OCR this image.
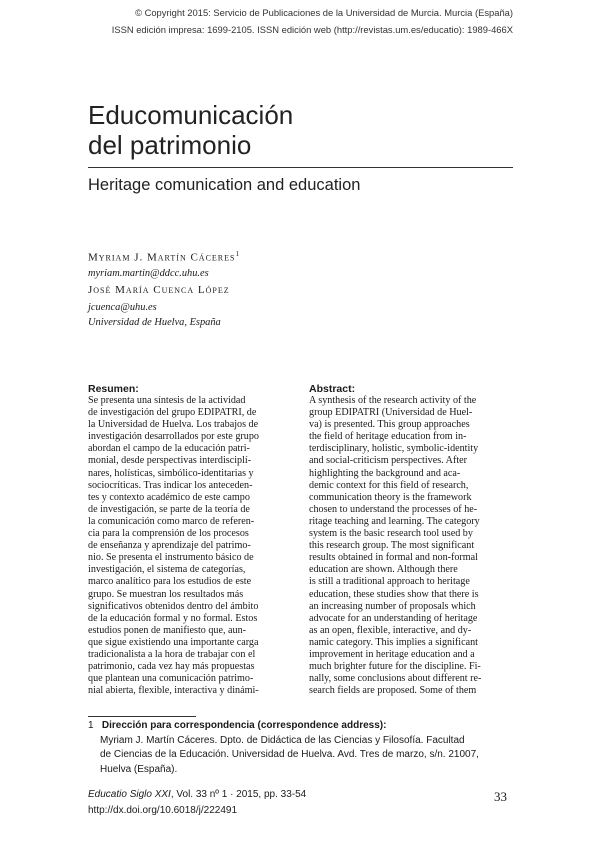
© Copyright 2015: Servicio de Publicaciones de la Universidad de Murcia. Murcia (España)
ISSN edición impresa: 1699-2105. ISSN edición web (http://revistas.um.es/educatio): 1989-466X
Educomunicación
del patrimonio
Heritage comunication and education
Myriam J. Martín Cáceres$^1$
myriam.martin@ddcc.uhu.es
José María Cuenca López
jcuenca@uhu.es
Universidad de Huelva, España
Resumen:
Se presenta una síntesis de la actividad
de investigación del grupo EDIPATRI, de
la Universidad de Huelva. Los trabajos de
investigación desarrollados por este grupo
abordan el campo de la educación patri-
monial, desde perspectivas interdisciplí-
nares, holísticas, simbólico-identitarias y
sociocríticas. Tras indicar los anteceden-
tes y contexto académico de este campo
de investigación, se parte de la teoría de
la comunicación como marco de referen-
cia para la comprensión de los procesos
de enseñanza y aprendizaje del patrimo-
nio. Se presenta el instrumento básico de
investigación, el sistema de categorías,
marco analítico para los estudios de este
grupo. Se muestran los resultados más
significativos obtenidos dentro del ámbito
de la educación formal y no formal. Estos
estudios ponen de manifiesto que, aun-
que sigue existiendo una importante carga
tradicionalista a la hora de trabajar con el
patrimonio, cada vez hay más propuestas
que plantean una comunicación patrimo-
nial abierta, flexible, interactiva y dinámi-
Abstract:
A synthesis of the research activity of the
group EDIPATRI (Universidad de Huel-
va) is presented. This group approaches
the field of heritage education from in-
terdisciplinary, holistic, symbolic-identity
and social-criticism perspectives. After
highlighting the background and aca-
demic context for this field of research,
communication theory is the framework
chosen to understand the processes of he-
ritage teaching and learning. The category
system is the basic research tool used by
this research group. The most significant
results obtained in formal and non-formal
education are shown. Although there
is still a traditional approach to heritage
education, these studies show that there is
an increasing number of proposals which
advocate for an understanding of heritage
as an open, flexible, interactive, and dy-
namic category. This implies a significant
improvement in heritage education and a
much brighter future for the discipline. Fi-
nally, some conclusions about different re-
search fields are proposed. Some of them
1 Dirección para correspondencia (correspondence address):
Myriam J. Martín Cáceres. Dpto. de Didáctica de las Ciencias y Filosofía. Facultad
de Ciencias de la Educación. Universidad de Huelva. Avd. Tres de marzo, s/n. 21007,
Huelva (España).
Educatio Siglo XXI, Vol. 33 nº 1 · 2015, pp. 33-54
http://dx.doi.org/10.6018/j/222491
33
